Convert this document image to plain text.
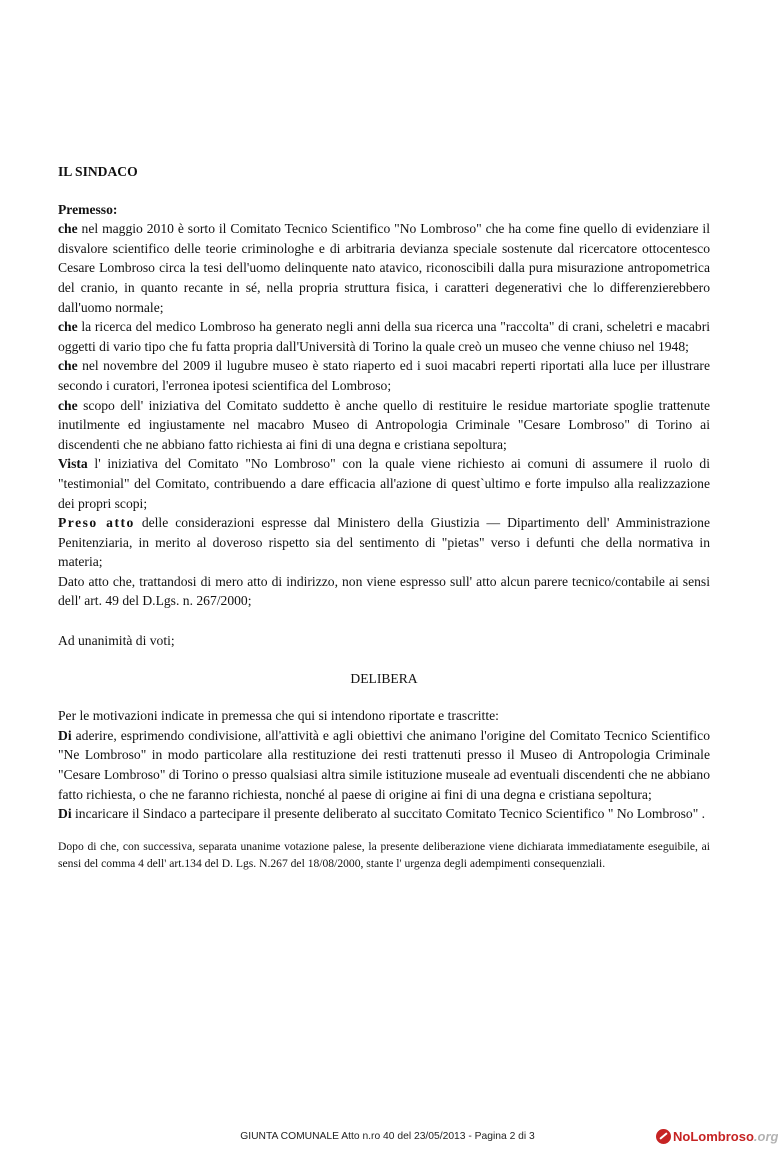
IL SINDACO

Premesso:

che nel maggio 2010 è sorto il Comitato Tecnico Scientifico "No Lombroso" che ha come fine quello di evidenziare il disvalore scientifico delle teorie criminologhe e di arbitraria devianza speciale sostenute dal ricercatore ottocentesco Cesare Lombroso circa la tesi dell'uomo delinquente nato atavico, riconoscibili dalla pura misurazione antropometrica del cranio, in quanto recante in sé, nella propria struttura fisica, i caratteri degenerativi che lo differenzierebbero dall'uomo normale;

che la ricerca del medico Lombroso ha generato negli anni della sua ricerca una "raccolta" di crani, scheletri e macabri oggetti di vario tipo che fu fatta propria dall'Università di Torino la quale creò un museo che venne chiuso nel 1948;

che nel novembre del 2009 il lugubre museo è stato riaperto ed i suoi macabri reperti riportati alla luce per illustrare secondo i curatori, l'erronea ipotesi scientifica del Lombroso;

che scopo dell' iniziativa del Comitato suddetto è anche quello di restituire le residue martoriate spoglie trattenute inutilmente ed ingiustamente nel macabro Museo di Antropologia Criminale "Cesare Lombroso" di Torino ai discendenti che ne abbiano fatto richiesta ai fini di una degna e cristiana sepoltura;

Vista l' iniziativa del Comitato "No Lombroso" con la quale viene richiesto ai comuni di assumere il ruolo di "testimonial" del Comitato, contribuendo a dare efficacia all'azione di quest`ultimo e forte impulso alla realizzazione dei propri scopi;

Preso atto delle considerazioni espresse dal Ministero della Giustizia — Dipartimento dell' Amministrazione Penitenziaria, in merito al doveroso rispetto sia del sentimento di "pietas" verso i defunti che della normativa in materia;

Dato atto che, trattandosi di mero atto di indirizzo, non viene espresso sull' atto alcun parere tecnico/contabile ai sensi dell' art. 49 del D.Lgs. n. 267/2000;

Ad unanimità di voti;

DELIBERA

Per le motivazioni indicate in premessa che qui si intendono riportate e trascritte:

Di aderire, esprimendo condivisione, all'attività e agli obiettivi che animano l'origine del Comitato Tecnico Scientifico "Ne Lombroso" in modo particolare alla restituzione dei resti trattenuti presso il Museo di Antropologia Criminale "Cesare Lombroso" di Torino o presso qualsiasi altra simile istituzione museale ad eventuali discendenti che ne abbiano fatto richiesta, o che ne faranno richiesta, nonché al paese di origine ai fini di una degna e cristiana sepoltura;

Di incaricare il Sindaco a partecipare il presente deliberato al succitato Comitato Tecnico Scientifico " No Lombroso" .

Dopo di che, con successiva, separata unanime votazione palese, la presente deliberazione viene dichiarata immediatamente eseguibile, ai sensi del comma 4 dell' art.134 del D. Lgs. N.267 del 18/08/2000, stante l' urgenza degli adempimenti consequenziali.

GIUNTA COMUNALE Atto n.ro 40 del 23/05/2013 - Pagina 2 di 3	No Lombroso .org
